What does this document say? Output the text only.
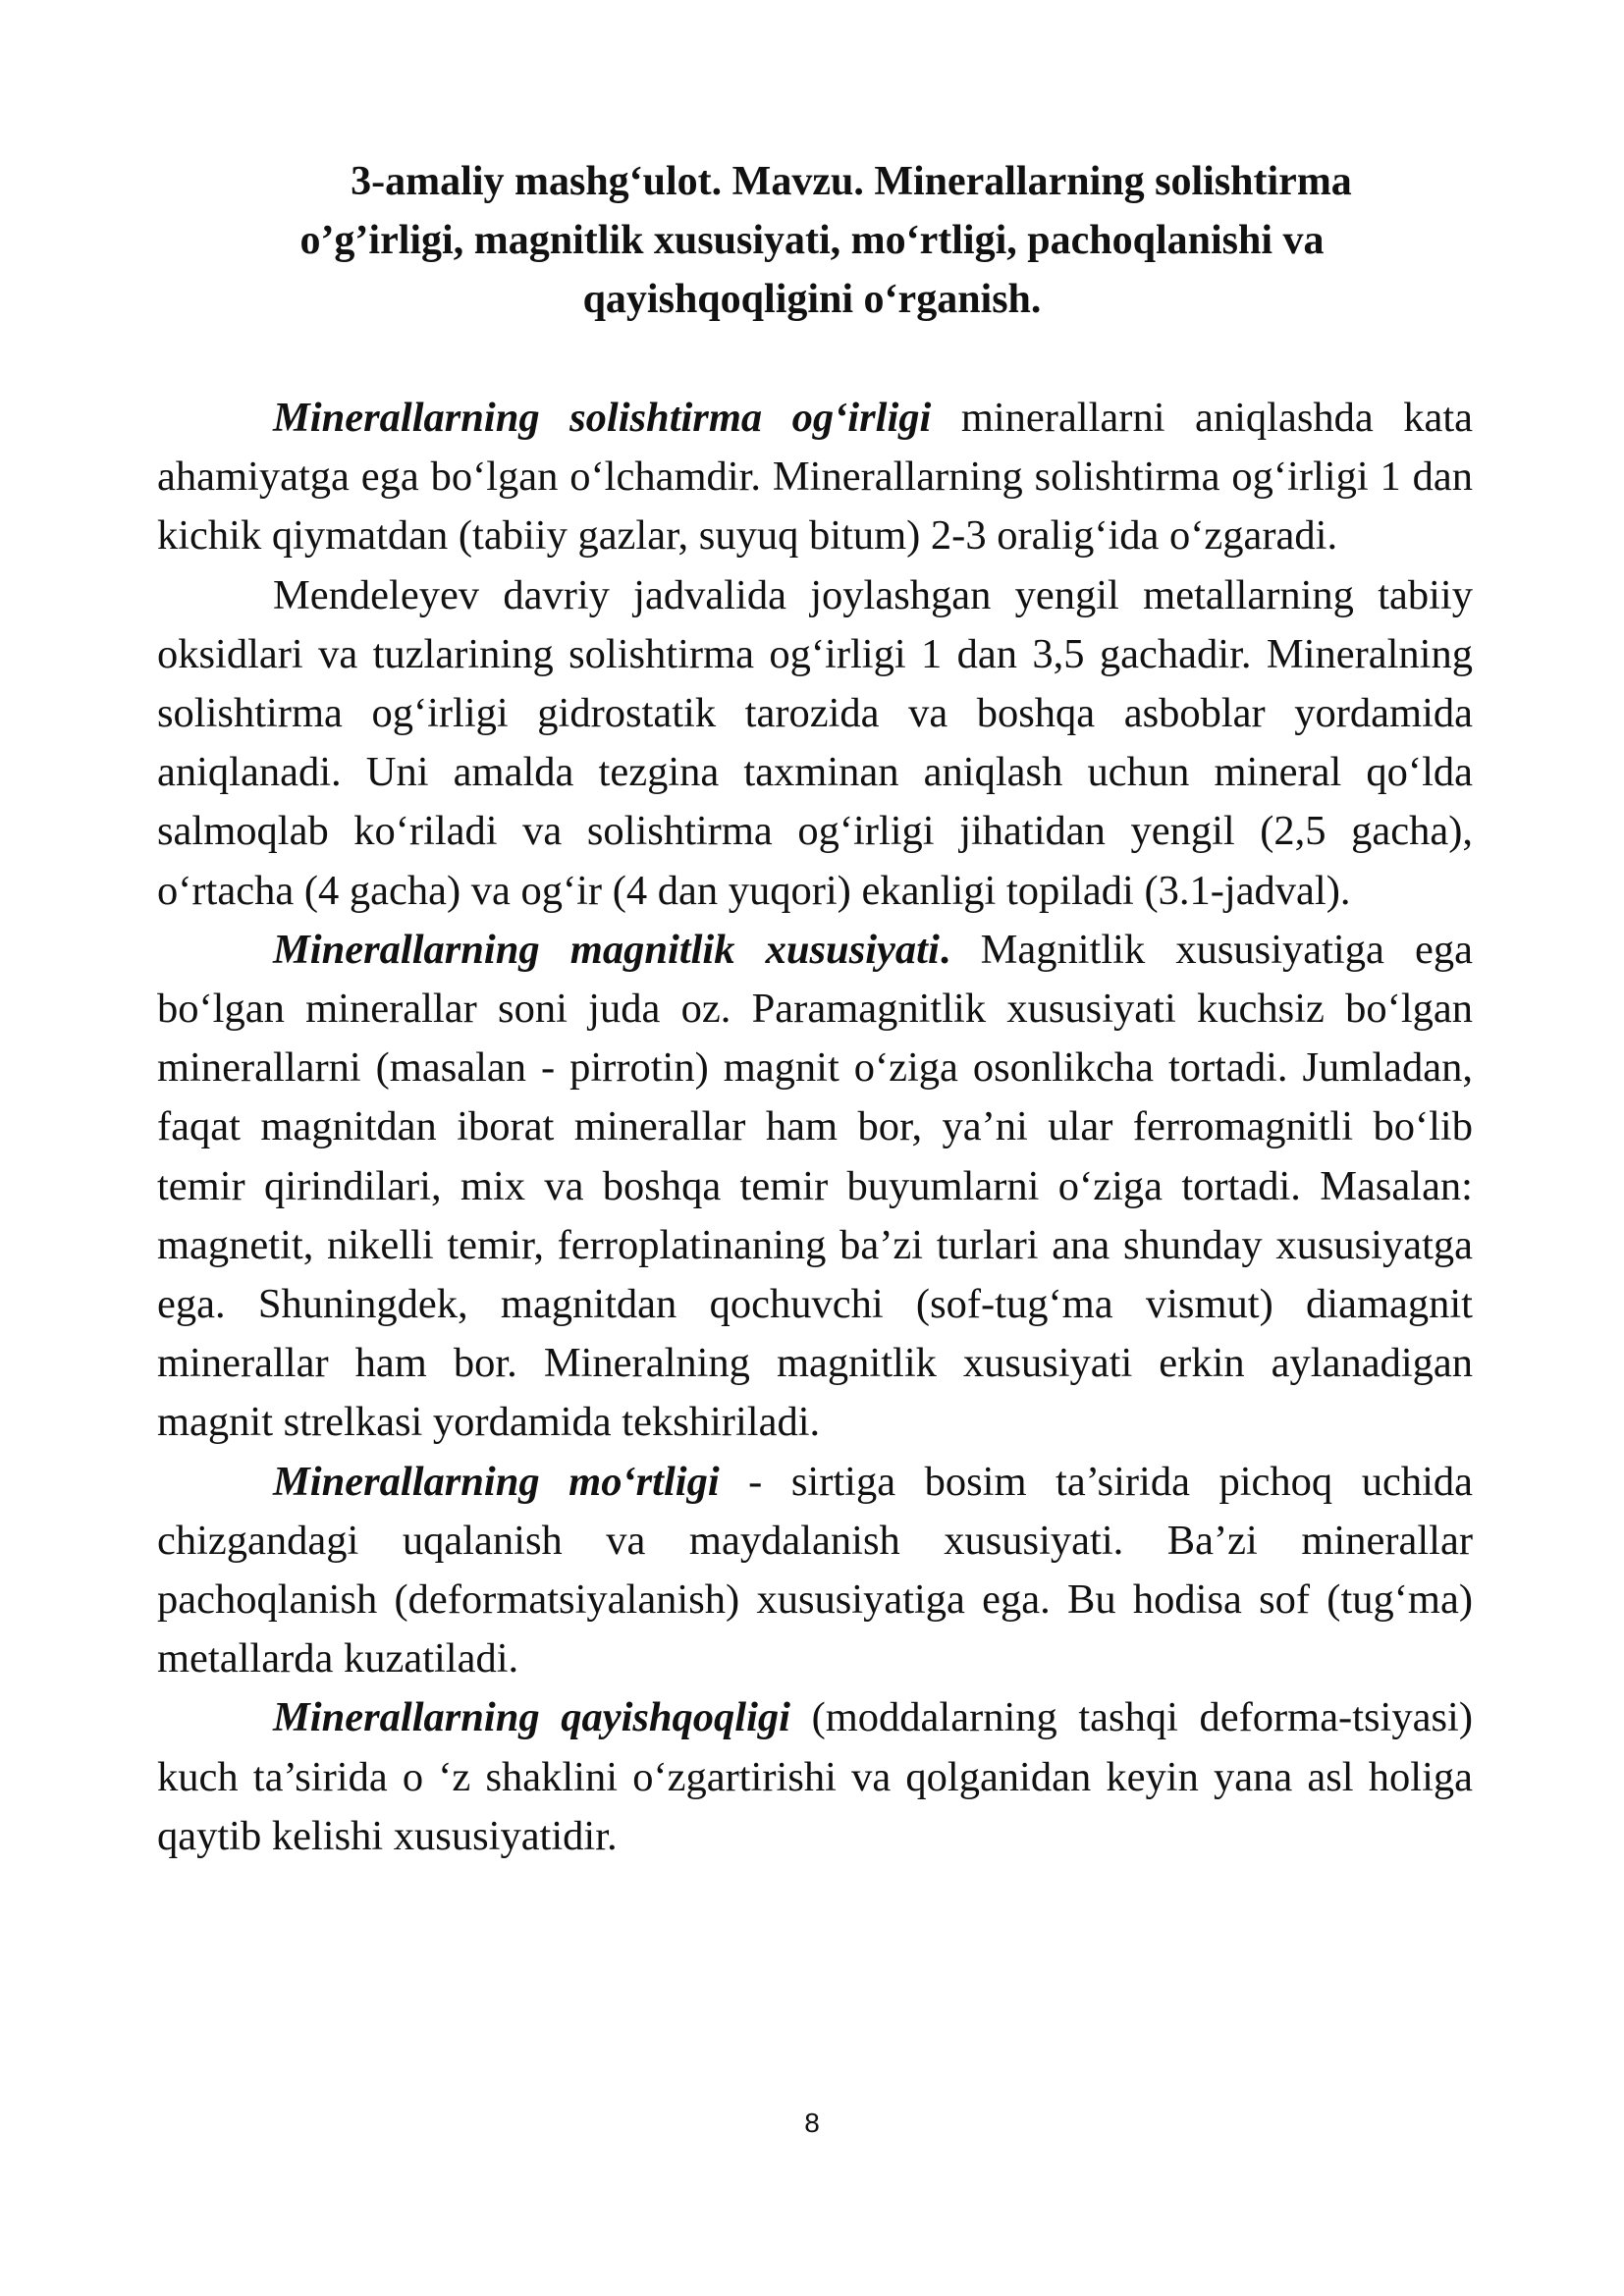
3-amaliy mashg‘ulot. Mavzu. Minerallarning solishtirma
o’g’irligi, magnitlik xususiyati, mo‘rtligi, pachoqlanishi va
qayishqoqligini o‘rganish.

Minerallarning solishtirma og‘irligi minerallarni aniqlashda kata ahamiyatga ega bo‘lgan o‘lchamdir. Minerallarning solishtirma og‘irligi 1 dan kichik qiymatdan (tabiiy gazlar, suyuq bitum) 2-3 oralig‘ida o‘zgaradi.

Mendeleyev davriy jadvalida joylashgan yengil metallarning tabiiy oksidlari va tuzlarining solishtirma og‘irligi 1 dan 3,5 gachadir. Mineralning solishtirma og‘irligi gidrostatik tarozida va boshqa asboblar yordamida aniqlanadi. Uni amalda tezgina taxminan aniqlash uchun mineral qo‘lda salmoqlab ko‘riladi va solishtirma og‘irligi jihatidan yengil (2,5 gacha), o‘rtacha (4 gacha) va og‘ir (4 dan yuqori) ekanligi topiladi (3.1-jadval).

Minerallarning magnitlik xususiyati. Magnitlik xususiyatiga ega bo‘lgan minerallar soni juda oz. Paramagnitlik xususiyati kuchsiz bo‘lgan minerallarni (masalan - pirrotin) magnit o‘ziga osonlikcha tortadi. Jumladan, faqat magnitdan iborat minerallar ham bor, ya’ni ular ferromagnitli bo‘lib temir qirindilari, mix va boshqa temir buyumlarni o‘ziga tortadi. Masalan: magnetit, nikelli temir, ferroplatinaning ba’zi turlari ana shunday xususiyatga ega. Shuningdek, magnitdan qochuvchi (sof-tug‘ma vismut) diamagnit minerallar ham bor. Mineralning magnitlik xususiyati erkin aylanadigan magnit strelkasi yordamida tekshiriladi.

Minerallarning mo‘rtligi - sirtiga bosim ta’sirida pichoq uchida chizgandagi uqalanish va maydalanish xususiyati. Ba’zi minerallar pachoqlanish (deformatsiyalanish) xususiyatiga ega. Bu hodisa sof (tug‘ma) metallarda kuzatiladi.

Minerallarning qayishqoqligi (moddalarning tashqi deforma-tsiyasi) kuch ta’sirida o ‘z shaklini o‘zgartirishi va qolganidan keyin yana asl holiga qaytib kelishi xususiyatidir.

8
